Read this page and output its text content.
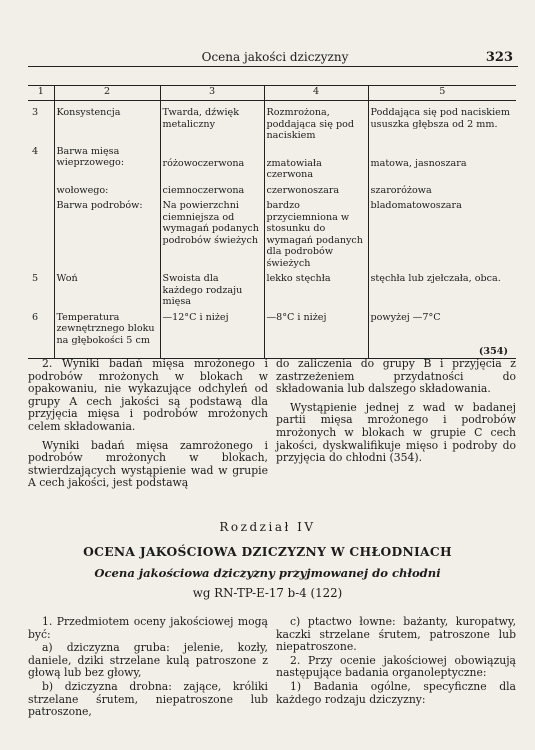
Ocena jakości dziczyzny	323
1	2	3	4	5

3	Konsystencja	Twarda, dźwięk metaliczny	Rozmrożona, poddająca się pod naciskiem	Poddająca się pod naciskiem ususzka głębsza od 2 mm.

4	Barwa mięsa wieprzowego:	różowoczerwona	zmatowiała czerwona	matowa, jasnoszara

	wołowego:	ciemnoczerwona	czerwonoszara	szaroróżowa

	Barwa podrobów:	Na powierzchni ciemniejsza od wymagań podanych podrobów świeżych	bardzo przyciemniona w stosunku do wymagań podanych dla podrobów świeżych	bladomatowoszara

5	Woń	Swoista dla każdego rodzaju mięsa	lekko stęchła	stęchła lub zjełczała, obca.

6	Temperatura zewnętrznego bloku na głębokości 5 cm	—12°C i niżej	—8°C i niżej	powyżej —7°C
(354)

2. Wyniki badań mięsa mrożonego i podrobów mrożonych w blokach w opakowaniu, nie wykazujące odchyleń od grupy A cech jakości są podstawą dla przyjęcia mięsa i podrobów mrożonych celem składowania.

Wyniki badań mięsa zamrożonego i podrobów mrożonych w blokach, stwierdzających wystąpienie wad w grupie A cech jakości, jest podstawą

do zaliczenia do grupy B i przyjęcia z zastrzeżeniem przydatności do składowania lub dalszego składowania.

Wystąpienie jednej z wad w badanej partii mięsa mrożonego i podrobów mrożonych w blokach w grupie C cech jakości, dyskwalifikuje mięso i podroby do przyjęcia do chłodni (354).

Rozdział IV
OCENA JAKOŚCIOWA DZICZYZNY W CHŁODNIACH
Ocena jakościowa dziczyzny przyjmowanej do chłodni
wg RN-TP-E-17 b-4 (122)

1. Przedmiotem oceny jakościowej mogą być:

a) dziczyzna gruba: jelenie, kozły, daniele, dziki strzelane kulą patroszone z głową lub bez głowy,

b) dziczyzna drobna: zające, króliki strzelane śrutem, niepatroszone lub patroszone,

c) ptactwo łowne: bażanty, kuropatwy, kaczki strzelane śrutem, patroszone lub niepatroszone.

2. Przy ocenie jakościowej obowiązują następujące badania organoleptyczne:

1) Badania ogólne, specyficzne dla każdego rodzaju dziczyzny:
